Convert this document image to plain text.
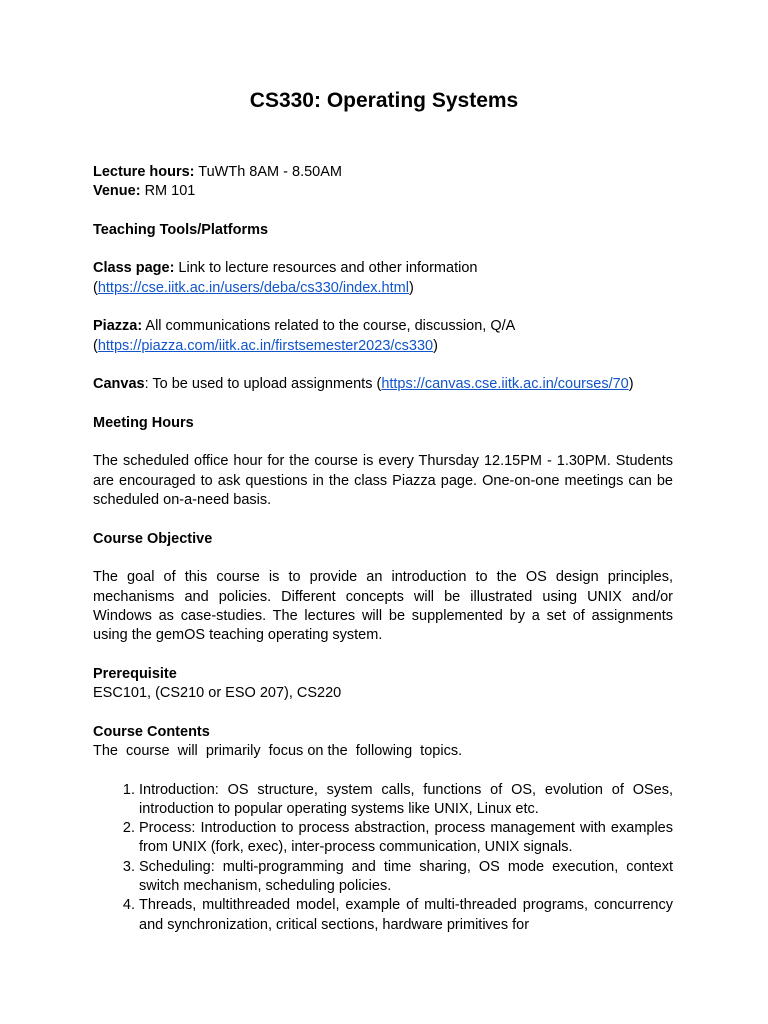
CS330: Operating Systems

Lecture hours: TuWTh 8AM - 8.50AM

Venue: RM 101

Teaching Tools/Platforms

Class page: Link to lecture resources and other information
(https://cse.iitk.ac.in/users/deba/cs330/index.html)

Piazza: All communications related to the course, discussion, Q/A
(https://piazza.com/iitk.ac.in/firstsemester2023/cs330)

Canvas: To be used to upload assignments (https://canvas.cse.iitk.ac.in/courses/70)

Meeting Hours

The scheduled office hour for the course is every Thursday 12.15PM - 1.30PM. Students are encouraged to ask questions in the class Piazza page. One-on-one meetings can be scheduled on-a-need basis.

Course Objective

The goal of this course is to provide an introduction to the OS design principles, mechanisms and policies. Different concepts will be illustrated using UNIX and/or Windows as case-studies. The lectures will be supplemented by a set of assignments using the gemOS teaching operating system.

Prerequisite

ESC101, (CS210 or ESO 207), CS220

Course Contents

The  course  will  primarily  focus on the  following  topics.

1. Introduction: OS structure, system calls, functions of OS, evolution of OSes, introduction to popular operating systems like UNIX, Linux etc.
2. Process: Introduction to process abstraction, process management with examples from UNIX (fork, exec), inter-process communication, UNIX signals.
3. Scheduling: multi-programming and time sharing, OS mode execution, context switch mechanism, scheduling policies.
4. Threads, multithreaded model, example of multi-threaded programs, concurrency and synchronization, critical sections, hardware primitives for
